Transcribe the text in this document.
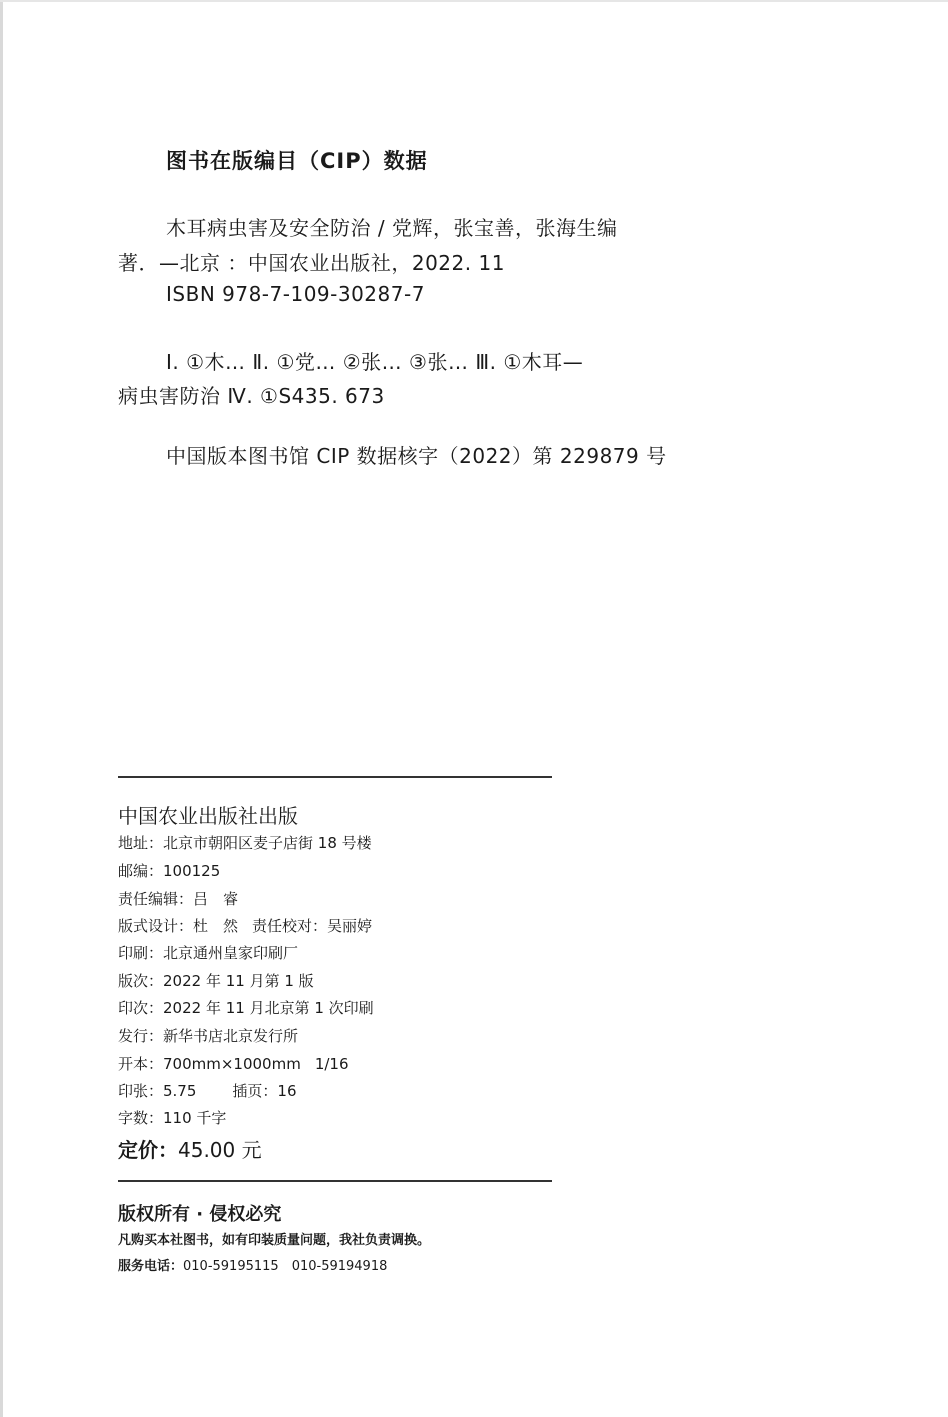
图书在版编目（CIP）数据
木耳病虫害及安全防治 / 党辉，张宝善，张海生编
著．—北京 ：中国农业出版社，2022. 11
ISBN 978-7-109-30287-7
Ⅰ. ①木… Ⅱ. ①党… ②张… ③张… Ⅲ. ①木耳—
病虫害防治 Ⅳ. ①S435. 673
中国版本图书馆 CIP 数据核字（2022）第 229879 号
中国农业出版社出版
地址：北京市朝阳区麦子店街 18 号楼
邮编：100125
责任编辑：吕　睿
版式设计：杜　然 责任校对：吴丽婷
印刷：北京通州皇家印刷厂
版次：2022 年 11 月第 1 版
印次：2022 年 11 月北京第 1 次印刷
发行：新华书店北京发行所
开本：700mm×1000mm 1/16
印张：5.75 插页：16
字数：110 千字
定价：45.00 元
版权所有 · 侵权必究
凡购买本社图书，如有印装质量问题，我社负责调换。
服务电话：010-59195115　010-59194918
